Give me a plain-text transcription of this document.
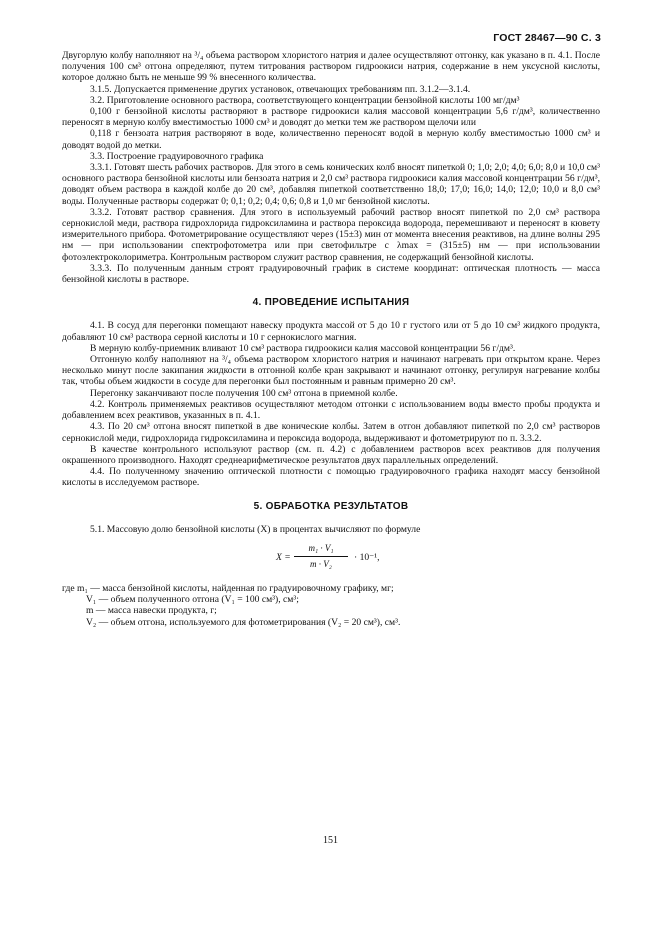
ГОСТ 28467—90 С. 3

Двугорлую колбу наполняют на ³/₄ объема раствором хлористого натрия и далее осуществляют отгонку, как указано в п. 4.1. После получения 100 см³ отгона определяют, путем титрования раствором гидроокиси натрия, содержание в нем уксусной кислоты, которое должно быть не меньше 99 % внесенного количества.

3.1.5. Допускается применение других установок, отвечающих требованиям пп. 3.1.2—3.1.4.

3.2. Приготовление основного раствора, соответствующего концентрации бензойной кислоты 100 мг/дм³

0,100 г бензойной кислоты растворяют в растворе гидроокиси калия массовой концентрации 5,6 г/дм³, количественно переносят в мерную колбу вместимостью 1000 см³ и доводят до метки тем же раствором щелочи или

0,118 г бензоата натрия растворяют в воде, количественно переносят водой в мерную колбу вместимостью 1000 см³ и доводят водой до метки.

3.3. Построение градуировочного графика

3.3.1. Готовят шесть рабочих растворов. Для этого в семь конических колб вносят пипеткой 0; 1,0; 2,0; 4,0; 6,0; 8,0 и 10,0 см³ основного раствора бензойной кислоты или бензоата натрия и 2,0 см³ раствора гидроокиси калия массовой концентрации 56 г/дм³, доводят объем раствора в каждой колбе до 20 см³, добавляя пипеткой соответственно 18,0; 17,0; 16,0; 14,0; 12,0; 10,0 и 8,0 см³ воды. Полученные растворы содержат 0; 0,1; 0,2; 0,4; 0,6; 0,8 и 1,0 мг бензойной кислоты.

3.3.2. Готовят раствор сравнения. Для этого в используемый рабочий раствор вносят пипеткой по 2,0 см³ раствора сернокислой меди, раствора гидрохлорида гидроксиламина и раствора пероксида водорода, перемешивают и переносят в кювету измерительного прибора. Фотометрирование осуществляют через (15±3) мин от момента внесения реактивов, на длине волны 295 нм — при использовании спектрофотометра или при светофильтре с λmax = (315±5) нм — при использовании фотоэлектроколориметра. Контрольным раствором служит раствор сравнения, не содержащий бензойной кислоты.

3.3.3. По полученным данным строят градуировочный график в системе координат: оптическая плотность — масса бензойной кислоты в растворе.

4. ПРОВЕДЕНИЕ ИСПЫТАНИЯ

4.1. В сосуд для перегонки помещают навеску продукта массой от 5 до 10 г густого или от 5 до 10 см³ жидкого продукта, добавляют 10 см³ раствора серной кислоты и 10 г сернокислого магния.

В мерную колбу-приемник вливают 10 см³ раствора гидроокиси калия массовой концентрации 56 г/дм³.

Отгонную колбу наполняют на ³/₄ объема раствором хлористого натрия и начинают нагревать при открытом кране. Через несколько минут после закипания жидкости в отгонной колбе кран закрывают и начинают отгонку, регулируя нагревание колбы так, чтобы объем жидкости в сосуде для перегонки был постоянным и равным примерно 20 см³.

Перегонку заканчивают после получения 100 см³ отгона в приемной колбе.

4.2. Контроль применяемых реактивов осуществляют методом отгонки с использованием воды вместо пробы продукта и добавлением всех реактивов, указанных в п. 4.1.

4.3. По 20 см³ отгона вносят пипеткой в две конические колбы. Затем в отгон добавляют пипеткой по 2,0 см³ растворов сернокислой меди, гидрохлорида гидроксиламина и пероксида водорода, выдерживают и фотометрируют по п. 3.3.2.

В качестве контрольного используют раствор (см. п. 4.2) с добавлением растворов всех реактивов для получения окрашенного производного. Находят среднеарифметическое результатов двух параллельных определений.

4.4. По полученному значению оптической плотности с помощью градуировочного графика находят массу бензойной кислоты в исследуемом растворе.

5. ОБРАБОТКА РЕЗУЛЬТАТОВ

5.1. Массовую долю бензойной кислоты (X) в процентах вычисляют по формуле

$X = \frac{\text{m₁ · V₁}}{\text{m · V₂}} \cdot 10^{-1}$,

где m₁ — масса бензойной кислоты, найденная по градуировочному графику, мг;

V₁ — объем полученного отгона (V₁ = 100 см³), см³;

m — масса навески продукта, г;

V₂ — объем отгона, используемого для фотометрирования (V₂ = 20 см³), см³.

151
